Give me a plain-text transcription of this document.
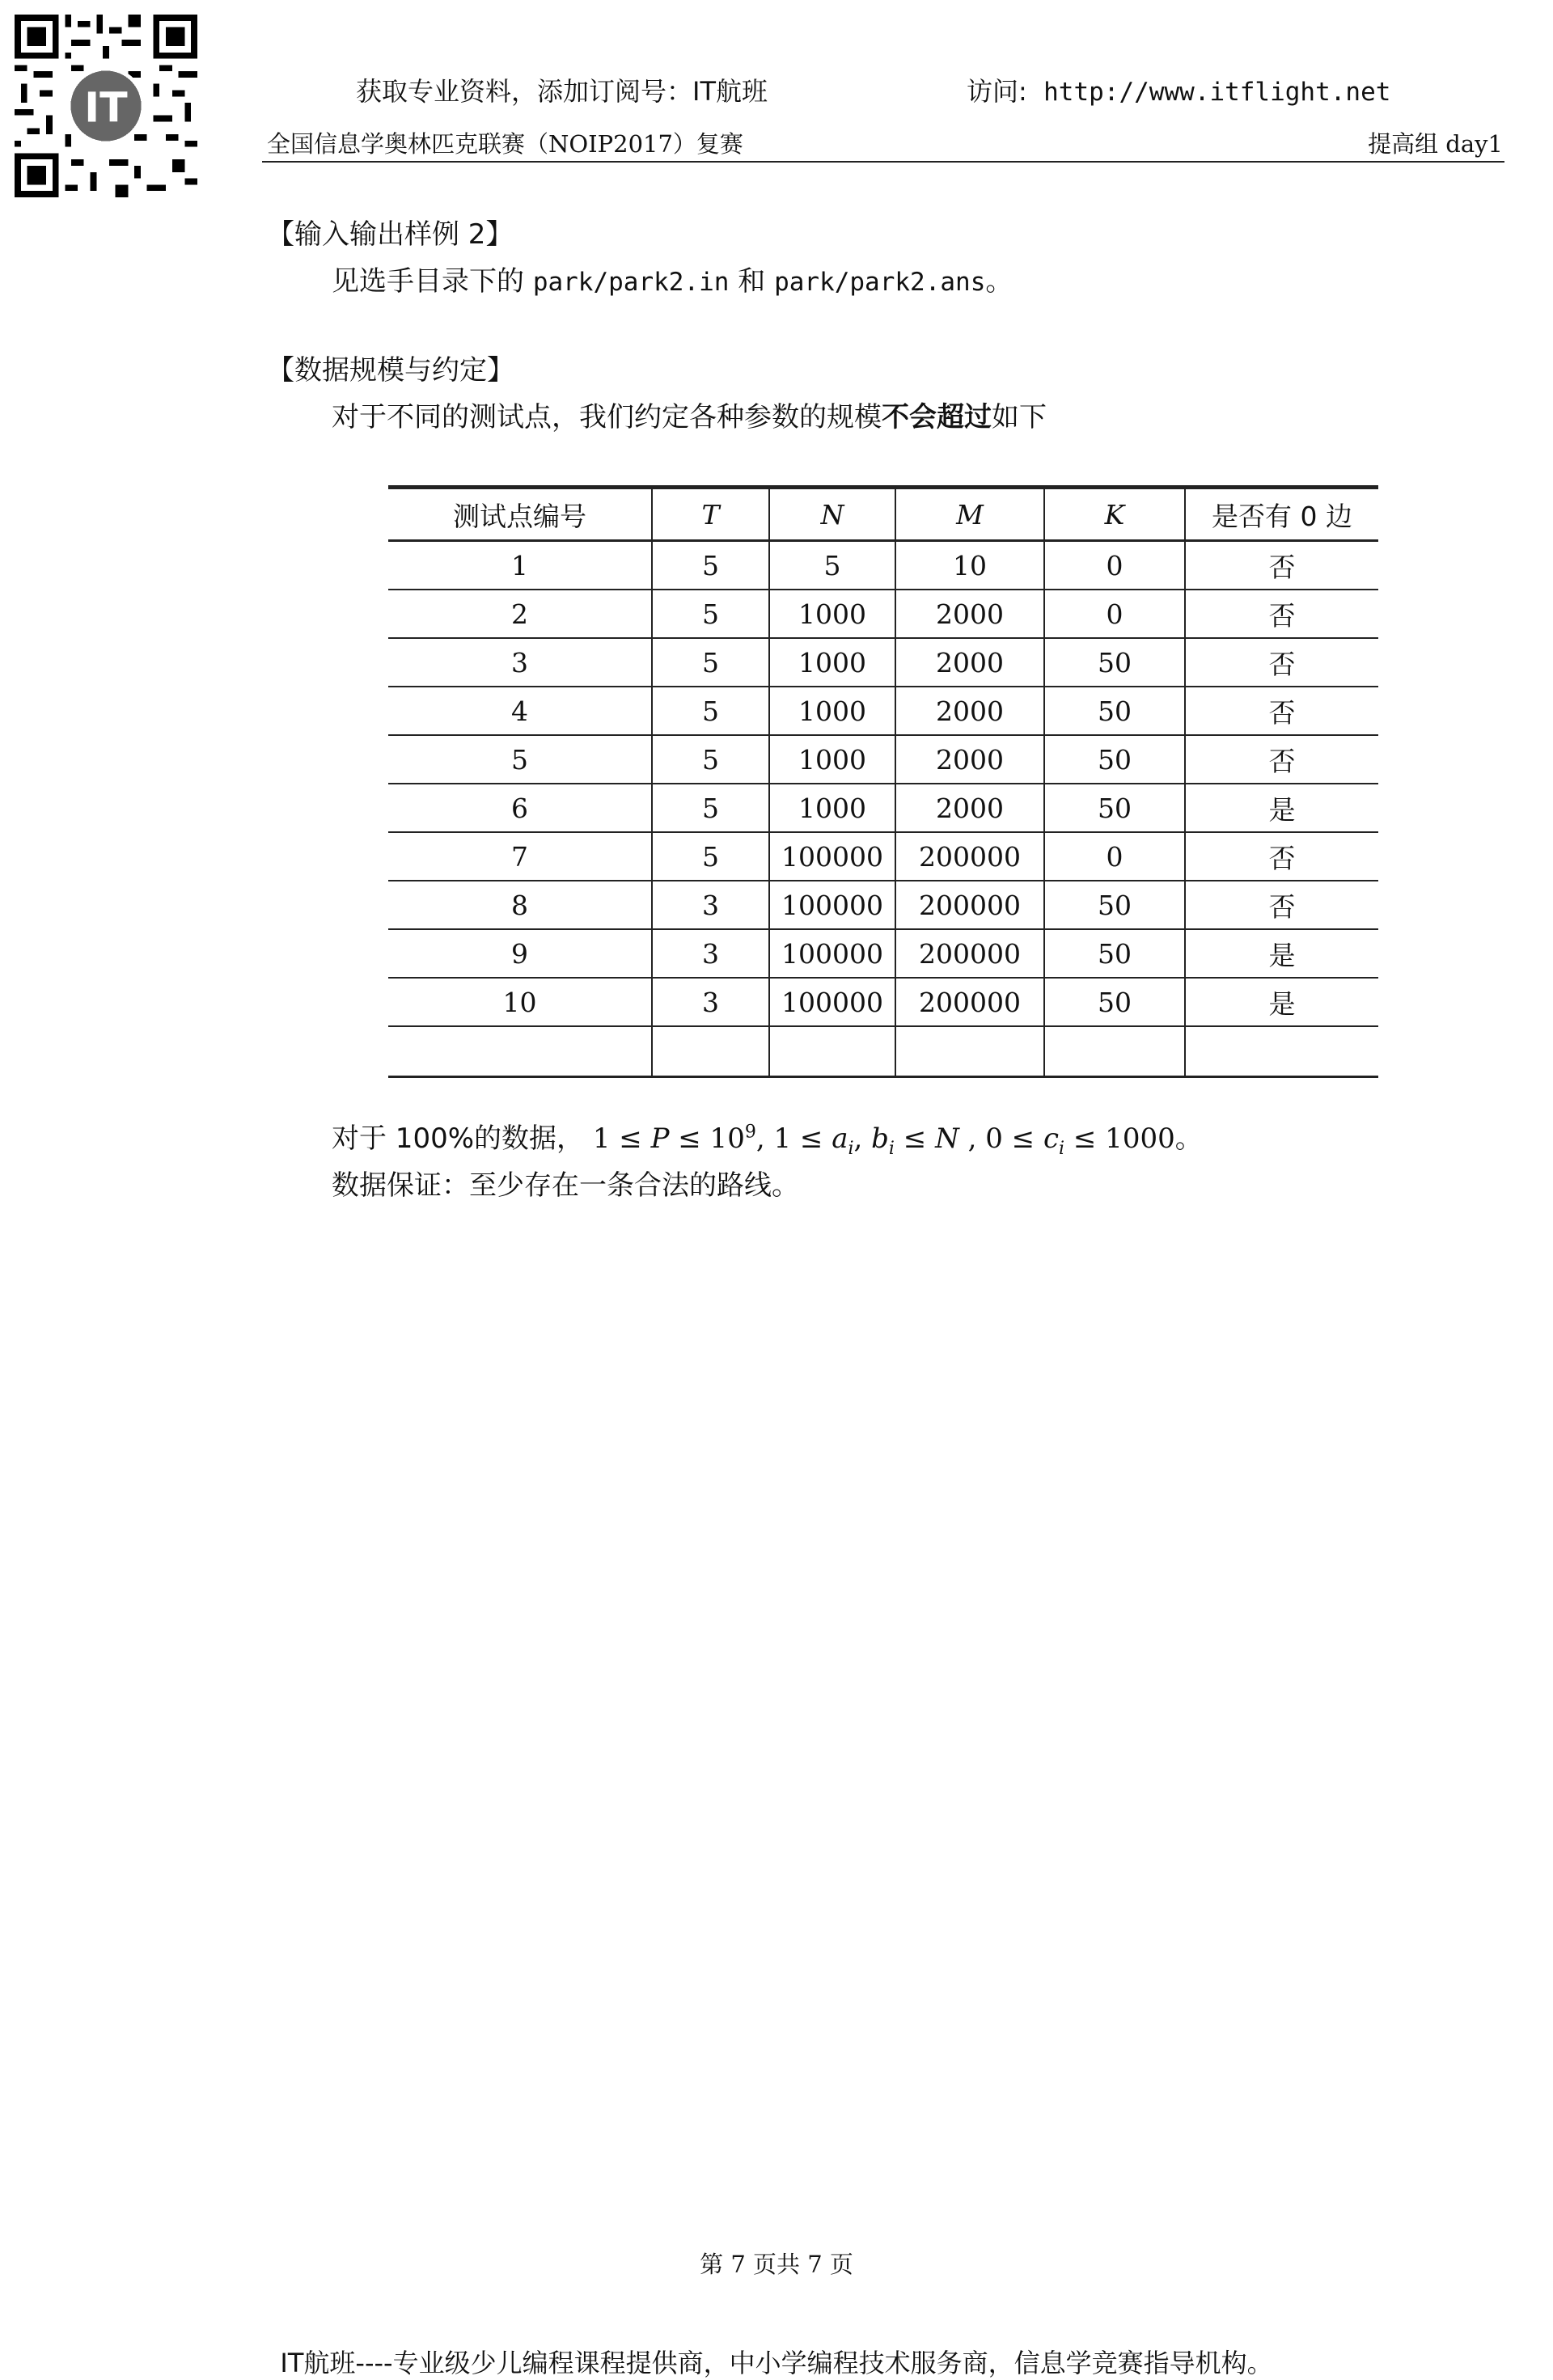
IT	获取专业资料，添加订阅号：IT航班	访问: http://www.itflight.net
全国信息学奥林匹克联赛（NOIP2017）复赛	提高组 day1
【输入输出样例 2】
见选手目录下的 park/park2.in 和 park/park2.ans。
【数据规模与约定】
对于不同的测试点，我们约定各种参数的规模不会超过如下
测试点编号	T	N	M	K	是否有 0 边
1	5	5	10	0	否
2	5	1000	2000	0	否
3	5	1000	2000	50	否
4	5	1000	2000	50	否
5	5	1000	2000	50	否
6	5	1000	2000	50	是
7	5	100000	200000	0	否
8	3	100000	200000	50	否
9	3	100000	200000	50	是
10	3	100000	200000	50	是

对于 100%的数据， $1 \le P \le 10^9$, $1 \le a_i$, $b_i \le N$ , $0 \le c_i \le 1000$。
数据保证：至少存在一条合法的路线。
第 7 页共 7 页
IT航班----专业级少儿编程课程提供商，中小学编程技术服务商，信息学竞赛指导机构。
